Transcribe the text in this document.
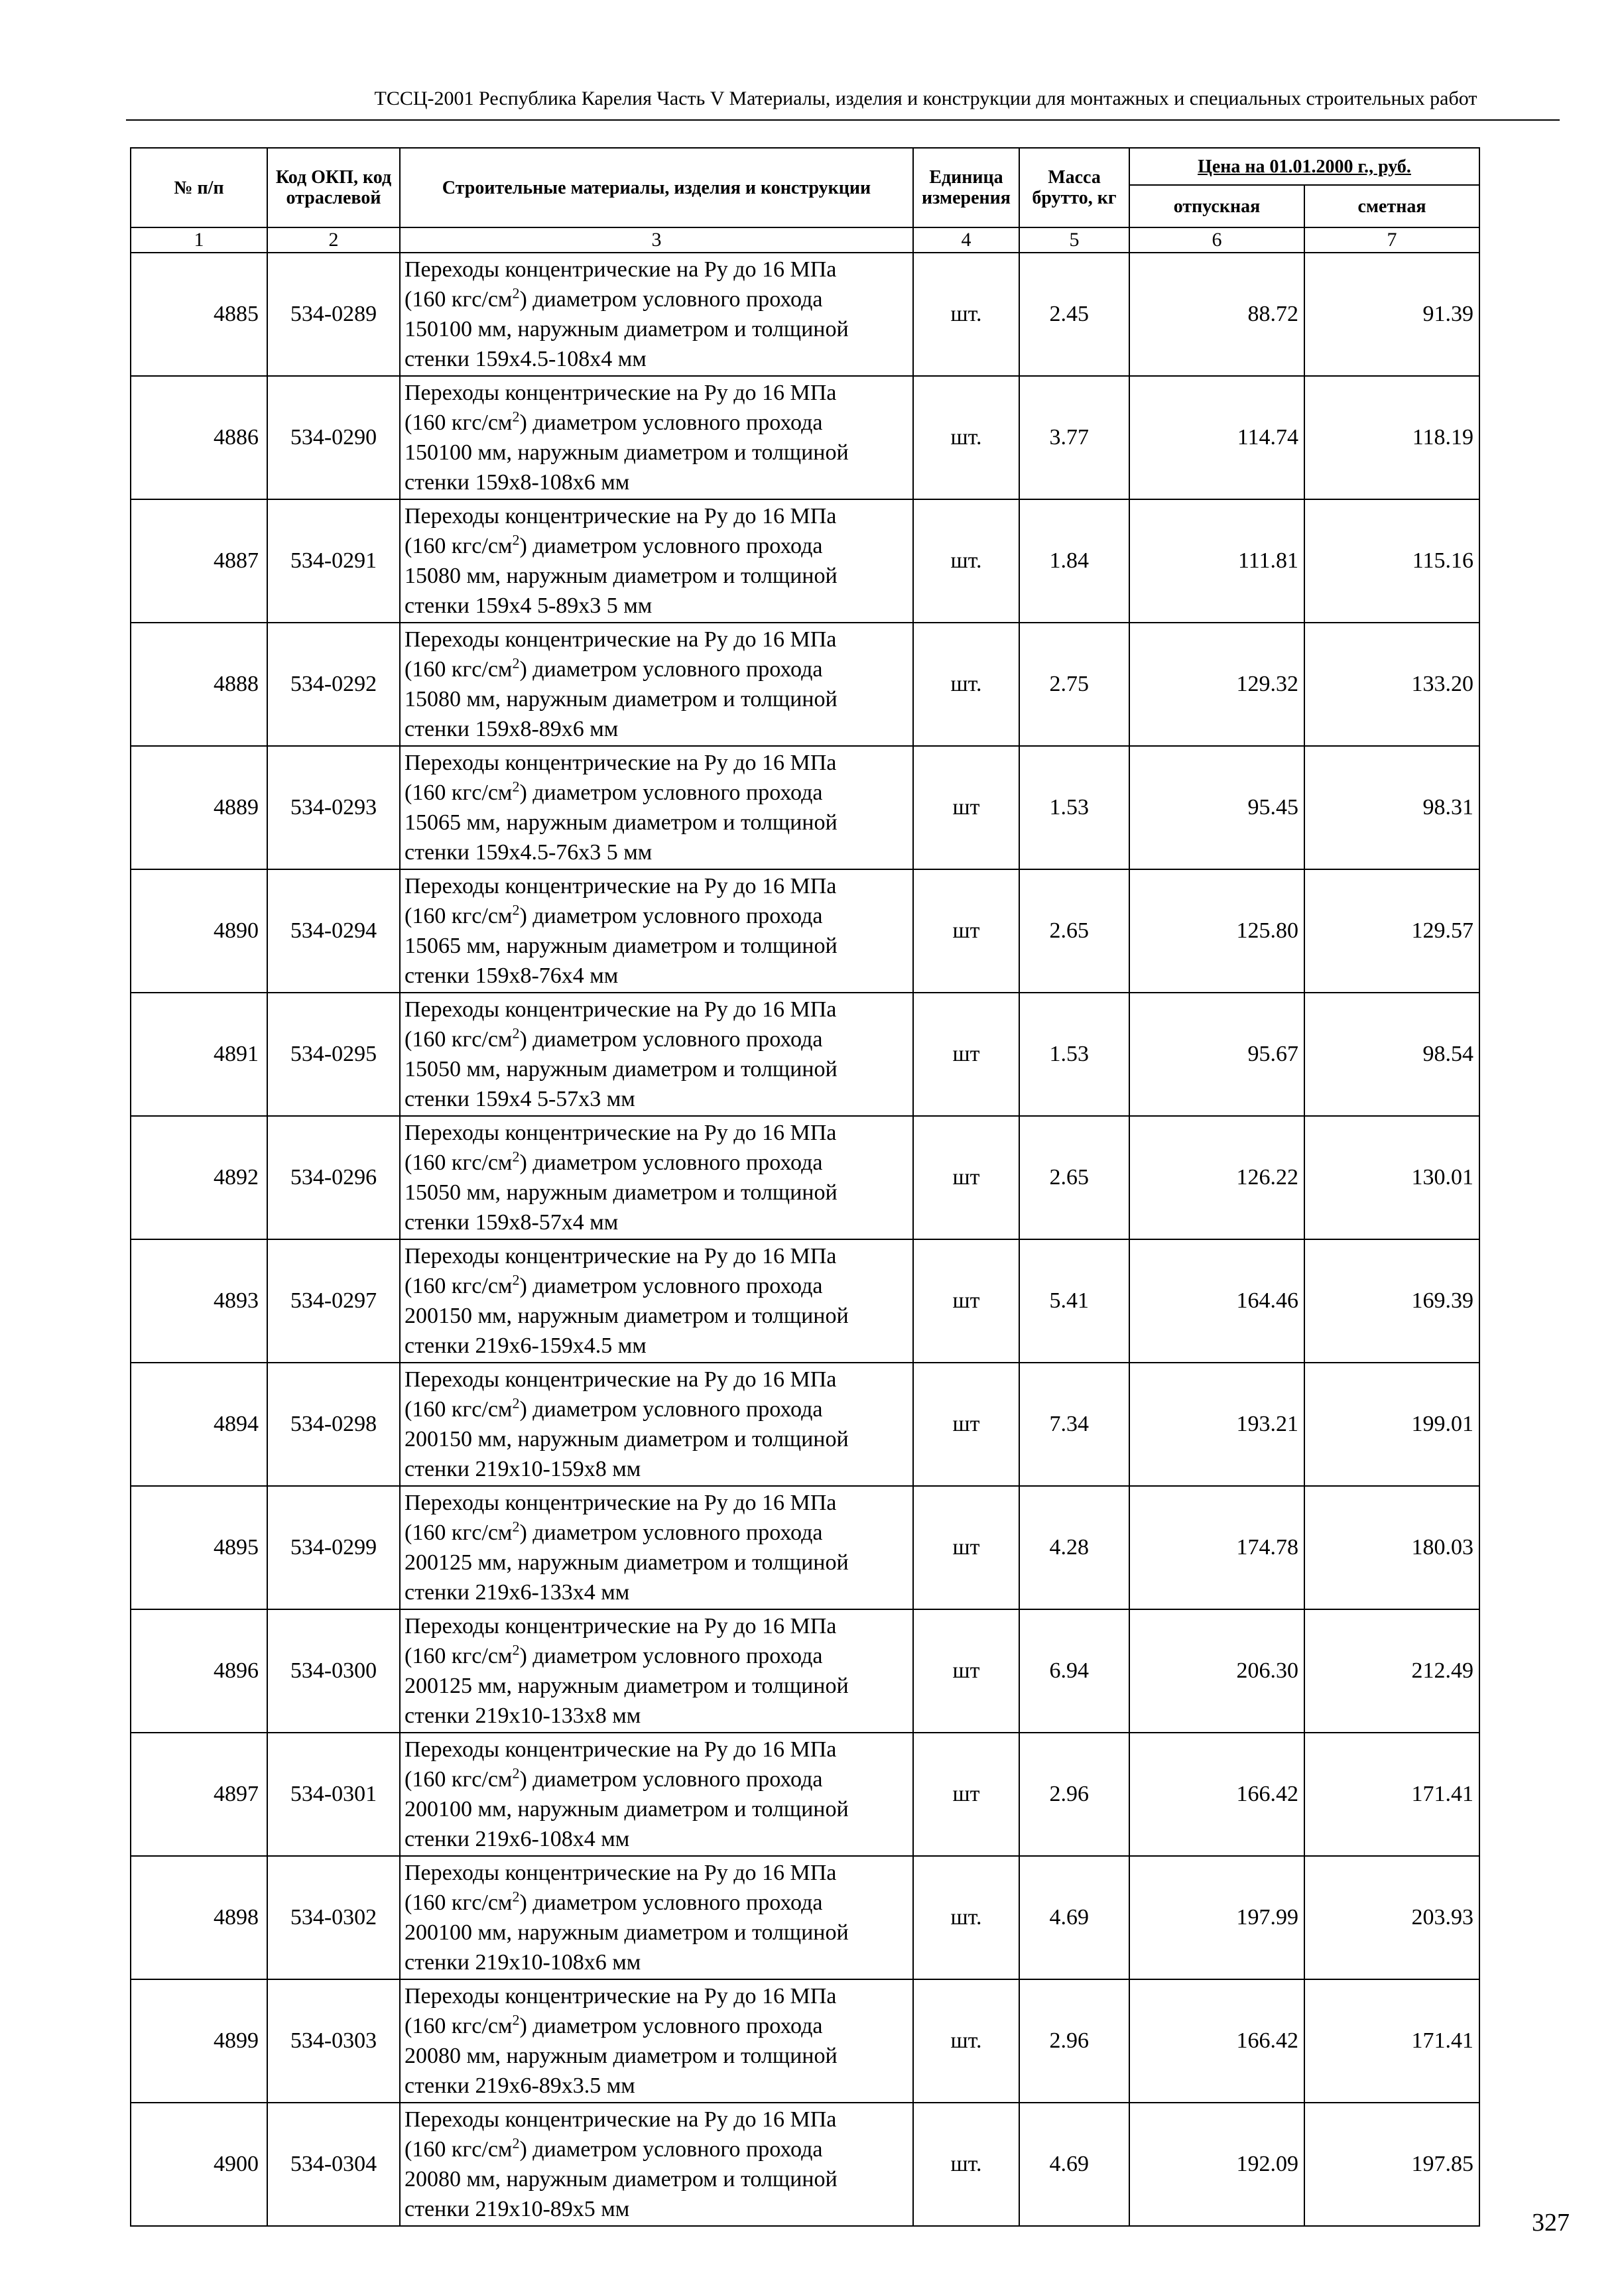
ТССЦ-2001 Республика Карелия Часть V Материалы, изделия и конструкции для монтажных и специальных строительных работ
№ п/п	Код ОКП, код отраслевой	Строительные материалы, изделия и конструкции	Единица измерения	Масса брутто, кг	Цена на 01.01.2000 г., руб.	
					отпускная	сметная
1	2	3	4	5	6	7
4885	534-0289	Переходы концентрические на Ру до 16 МПа
(160 кгс/$см^2$) диаметром условного прохода
150100 мм, наружным диаметром и толщиной
стенки 159x4.5-108x4 мм	шт.	2.45	88.72	91.39
4886	534-0290	Переходы концентрические на Ру до 16 МПа
(160 кгс/$см^2$) диаметром условного прохода
150100 мм, наружным диаметром и толщиной
стенки 159x8-108x6 мм	шт.	3.77	114.74	118.19
4887	534-0291	Переходы концентрические на Ру до 16 МПа
(160 кгс/$см^2$) диаметром условного прохода
15080 мм, наружным диаметром и толщиной
стенки 159x4 5-89x3 5 мм	шт.	1.84	111.81	115.16
4888	534-0292	Переходы концентрические на Ру до 16 МПа
(160 кгс/$см^2$) диаметром условного прохода
15080 мм, наружным диаметром и толщиной
стенки 159x8-89x6 мм	шт.	2.75	129.32	133.20
4889	534-0293	Переходы концентрические на Ру до 16 МПа
(160 кгс/$см^2$) диаметром условного прохода
15065 мм, наружным диаметром и толщиной
стенки 159x4.5-76x3 5 мм	шт	1.53	95.45	98.31
4890	534-0294	Переходы концентрические на Ру до 16 МПа
(160 кгс/$см^2$) диаметром условного прохода
15065 мм, наружным диаметром и толщиной
стенки 159x8-76x4 мм	шт	2.65	125.80	129.57
4891	534-0295	Переходы концентрические на Ру до 16 МПа
(160 кгс/$см^2$) диаметром условного прохода
15050 мм, наружным диаметром и толщиной
стенки 159x4 5-57x3 мм	шт	1.53	95.67	98.54
4892	534-0296	Переходы концентрические на Ру до 16 МПа
(160 кгс/$см^2$) диаметром условного прохода
15050 мм, наружным диаметром и толщиной
стенки 159x8-57x4 мм	шт	2.65	126.22	130.01
4893	534-0297	Переходы концентрические на Ру до 16 МПа
(160 кгс/$см^2$) диаметром условного прохода
200150 мм, наружным диаметром и толщиной
стенки 219x6-159x4.5 мм	шт	5.41	164.46	169.39
4894	534-0298	Переходы концентрические на Ру до 16 МПа
(160 кгс/$см^2$) диаметром условного прохода
200150 мм, наружным диаметром и толщиной
стенки 219x10-159x8 мм	шт	7.34	193.21	199.01
4895	534-0299	Переходы концентрические на Ру до 16 МПа
(160 кгс/$см^2$) диаметром условного прохода
200125 мм, наружным диаметром и толщиной
стенки 219x6-133x4 мм	шт	4.28	174.78	180.03
4896	534-0300	Переходы концентрические на Ру до 16 МПа
(160 кгс/$см^2$) диаметром условного прохода
200125 мм, наружным диаметром и толщиной
стенки 219x10-133x8 мм	шт	6.94	206.30	212.49
4897	534-0301	Переходы концентрические на Ру до 16 МПа
(160 кгс/$см^2$) диаметром условного прохода
200100 мм, наружным диаметром и толщиной
стенки 219x6-108x4 мм	шт	2.96	166.42	171.41
4898	534-0302	Переходы концентрические на Ру до 16 МПа
(160 кгс/$см^2$) диаметром условного прохода
200100 мм, наружным диаметром и толщиной
стенки 219x10-108x6 мм	шт.	4.69	197.99	203.93
4899	534-0303	Переходы концентрические на Ру до 16 МПа
(160 кгс/$см^2$) диаметром условного прохода
20080 мм, наружным диаметром и толщиной
стенки 219x6-89x3.5 мм	шт.	2.96	166.42	171.41
4900	534-0304	Переходы концентрические на Ру до 16 МПа
(160 кгс/$см^2$) диаметром условного прохода
20080 мм, наружным диаметром и толщиной
стенки 219x10-89x5 мм	шт.	4.69	192.09	197.85
327
